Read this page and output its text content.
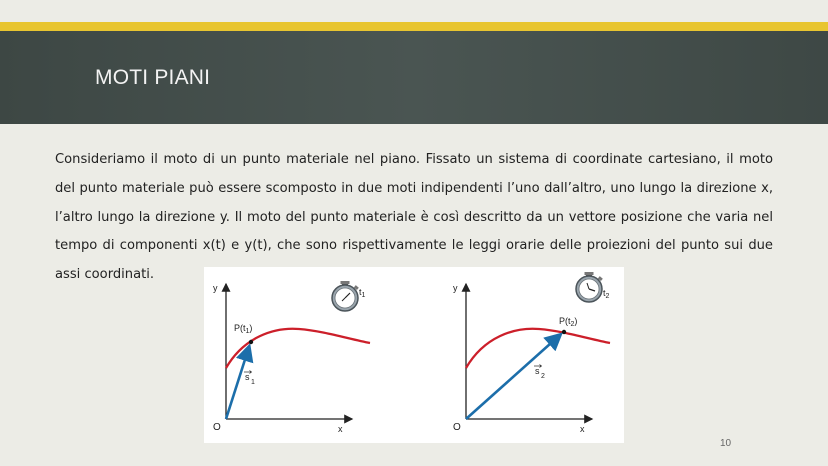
MOTI PIANI
Consideriamo il moto di un punto materiale nel piano. Fissato un sistema di coordinate cartesiano, il moto del punto materiale può essere scomposto in due moti indipendenti l’uno dall’altro, uno lungo la direzione x, l’altro lungo la direzione y. Il moto del punto materiale è così descritto da un vettore posizione che varia nel tempo di componenti x(t) e y(t), che sono rispettivamente le leggi orarie delle proiezioni del punto sui due assi coordinati.
y
x
O
$P(t_1)$
s
1
$t_1$
y
x
O
$P(t_2)$
s
2
$t_2$
10
